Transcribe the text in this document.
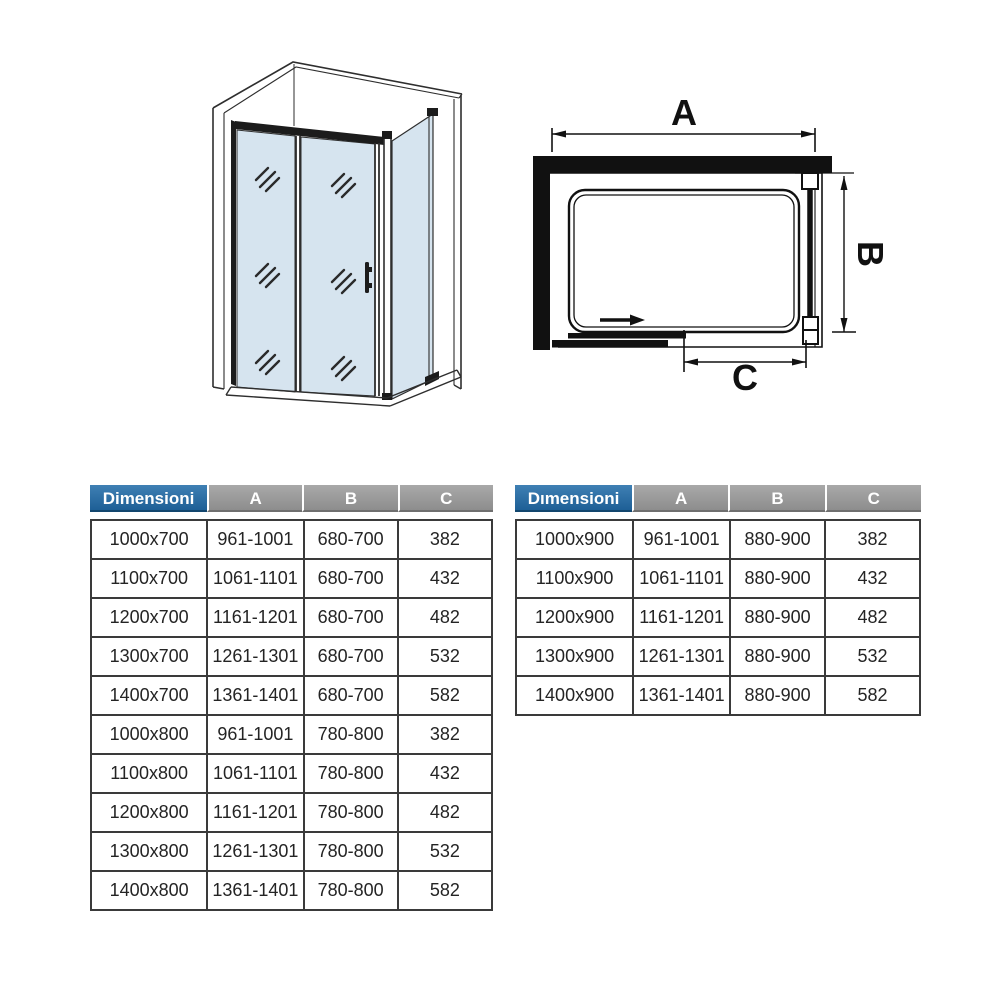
A
B
C
Dimensioni	A	B	C
1000x700	961-1001	680-700	382
1100x700	1061-1101	680-700	432
1200x700	1161-1201	680-700	482
1300x700	1261-1301	680-700	532
1400x700	1361-1401	680-700	582
1000x800	961-1001	780-800	382
1100x800	1061-1101	780-800	432
1200x800	1161-1201	780-800	482
1300x800	1261-1301	780-800	532
1400x800	1361-1401	780-800	582
Dımensioni	A	B	C
1000x900	961-1001	880-900	382
1100x900	1061-1101	880-900	432
1200x900	1161-1201	880-900	482
1300x900	1261-1301	880-900	532
1400x900	1361-1401	880-900	582
